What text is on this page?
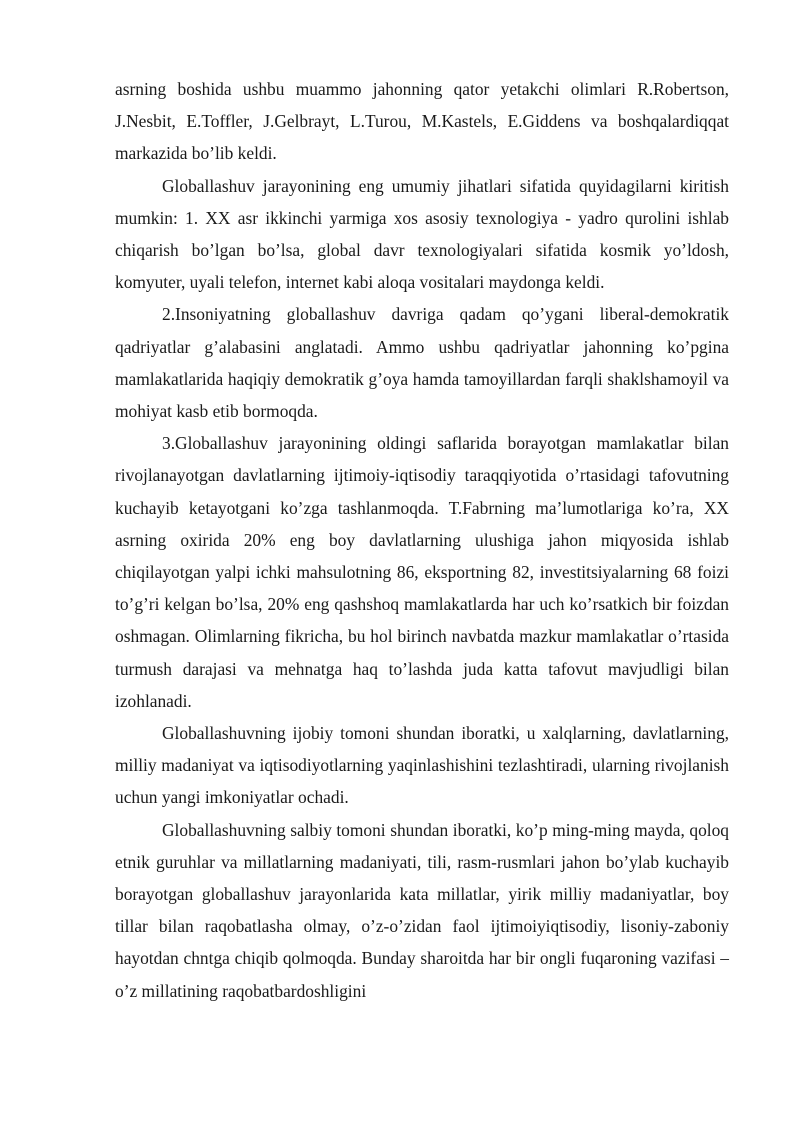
asrning boshida ushbu muammo jahonning qator yetakchi olimlari R.Robertson, J.Nesbit, E.Toffler, J.Gelbrayt, L.Turou, M.Kastels, E.Giddens va boshqalardiqqat markazida bo’lib keldi.

Globallashuv jarayonining eng umumiy jihatlari sifatida quyidagilarni kiritish mumkin: 1. XX asr ikkinchi yarmiga xos asosiy texnologiya - yadro qurolini ishlab chiqarish bo’lgan bo’lsa, global davr texnologiyalari sifatida kosmik yo’ldosh, komyuter, uyali telefon, internet kabi aloqa vositalari maydonga keldi.

2.Insoniyatning globallashuv davriga qadam qo’ygani liberal-demokratik qadriyatlar g’alabasini anglatadi. Ammo ushbu qadriyatlar jahonning ko’pgina mamlakatlarida haqiqiy demokratik g’oya hamda tamoyillardan farqli shaklshamoyil va mohiyat kasb etib bormoqda.

3.Globallashuv jarayonining oldingi saflarida borayotgan mamlakatlar bilan rivojlanayotgan davlatlarning ijtimoiy-iqtisodiy taraqqiyotida o’rtasidagi tafovutning kuchayib ketayotgani ko’zga tashlanmoqda. T.Fabrning ma’lumotlariga ko’ra, XX asrning oxirida 20% eng boy davlatlarning ulushiga jahon miqyosida ishlab chiqilayotgan yalpi ichki mahsulotning 86, eksportning 82, investitsiyalarning 68 foizi to’g’ri kelgan bo’lsa, 20% eng qashshoq mamlakatlarda har uch ko’rsatkich bir foizdan oshmagan. Olimlarning fikricha, bu hol birinch navbatda mazkur mamlakatlar o’rtasida turmush darajasi va mehnatga haq to’lashda juda katta tafovut mavjudligi bilan izohlanadi.

Globallashuvning ijobiy tomoni shundan iboratki, u xalqlarning, davlatlarning, milliy madaniyat va iqtisodiyotlarning yaqinlashishini tezlashtiradi, ularning rivojlanish uchun yangi imkoniyatlar ochadi.

Globallashuvning salbiy tomoni shundan iboratki, ko’p ming-ming mayda, qoloq etnik guruhlar va millatlarning madaniyati, tili, rasm-rusmlari jahon bo’ylab kuchayib borayotgan globallashuv jarayonlarida kata millatlar, yirik milliy madaniyatlar, boy tillar bilan raqobatlasha olmay, o’z-o’zidan faol ijtimoiyiqtisodiy, lisoniy-zaboniy hayotdan chntga chiqib qolmoqda. Bunday sharoitda har bir ongli fuqaroning vazifasi – o’z millatining raqobatbardoshligini
